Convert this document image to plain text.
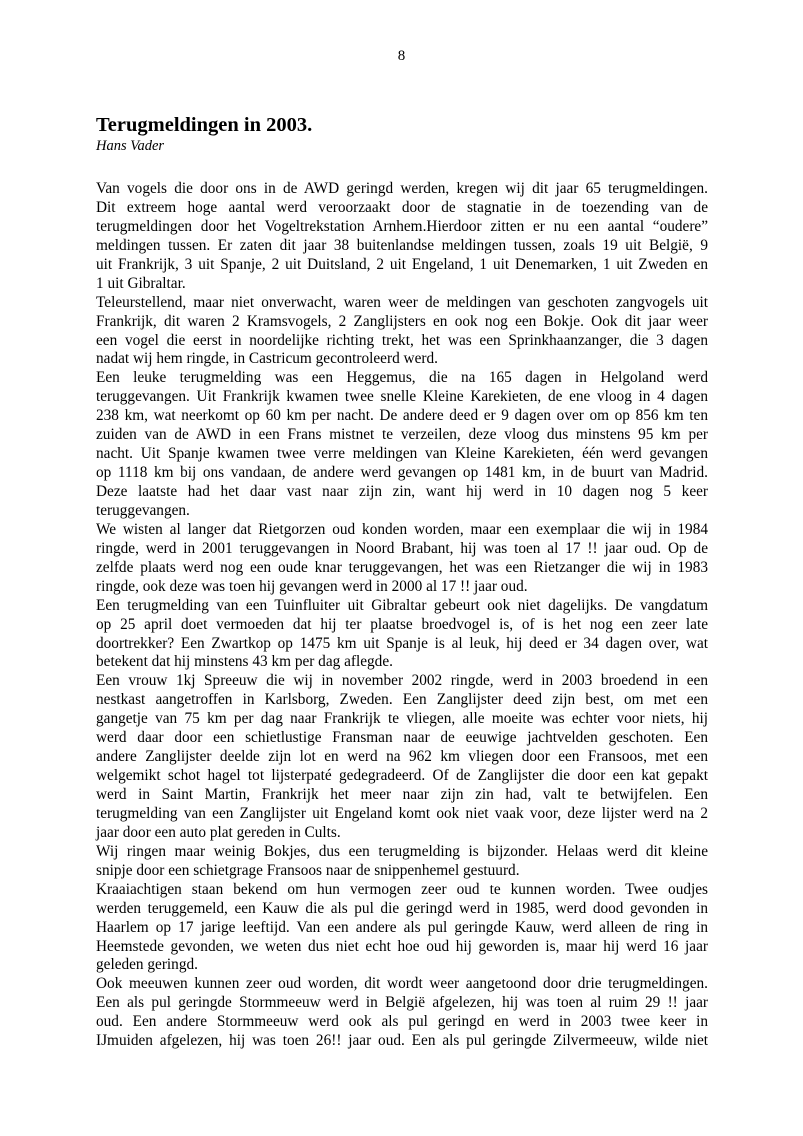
8
Terugmeldingen in 2003.

Hans Vader

Van vogels die door ons in de AWD geringd werden, kregen wij dit jaar 65 terugmeldingen.
Dit extreem hoge aantal werd veroorzaakt door de stagnatie in de toezending van de
terugmeldingen door het Vogeltrekstation Arnhem.Hierdoor zitten er nu een aantal “oudere”
meldingen tussen. Er zaten dit jaar 38 buitenlandse meldingen tussen, zoals 19 uit België, 9
uit Frankrijk, 3 uit Spanje, 2 uit Duitsland, 2 uit Engeland, 1 uit Denemarken, 1 uit Zweden en
1 uit Gibraltar.
Teleurstellend, maar niet onverwacht, waren weer de meldingen van geschoten zangvogels uit
Frankrijk, dit waren 2 Kramsvogels, 2 Zanglijsters en ook nog een Bokje. Ook dit jaar weer
een vogel die eerst in noordelijke richting trekt, het was een Sprinkhaanzanger, die 3 dagen
nadat wij hem ringde, in Castricum gecontroleerd werd.
Een leuke terugmelding was een Heggemus, die na 165 dagen in Helgoland werd
teruggevangen. Uit Frankrijk kwamen twee snelle Kleine Karekieten, de ene vloog in 4 dagen
238 km, wat neerkomt op 60 km per nacht. De andere deed er 9 dagen over om op 856 km ten
zuiden van de AWD in een Frans mistnet te verzeilen, deze vloog dus minstens 95 km per
nacht. Uit Spanje kwamen twee verre meldingen van Kleine Karekieten, één werd gevangen
op 1118 km bij ons vandaan, de andere werd gevangen op 1481 km, in de buurt van Madrid.
Deze laatste had het daar vast naar zijn zin, want hij werd in 10 dagen nog 5 keer
teruggevangen.
We wisten al langer dat Rietgorzen oud konden worden, maar een exemplaar die wij in 1984
ringde, werd in 2001 teruggevangen in Noord Brabant, hij was toen al 17 !! jaar oud. Op de
zelfde plaats werd nog een oude knar teruggevangen, het was een Rietzanger die wij in 1983
ringde, ook deze was toen hij gevangen werd in 2000 al 17 !! jaar oud.
Een terugmelding van een Tuinfluiter uit Gibraltar gebeurt ook niet dagelijks. De vangdatum
op 25 april doet vermoeden dat hij ter plaatse broedvogel is, of is het nog een zeer late
doortrekker? Een Zwartkop op 1475 km uit Spanje is al leuk, hij deed er 34 dagen over, wat
betekent dat hij minstens 43 km per dag aflegde.
Een vrouw 1kj Spreeuw die wij in november 2002 ringde, werd in 2003 broedend in een
nestkast aangetroffen in Karlsborg, Zweden. Een Zanglijster deed zijn best, om met een
gangetje van 75 km per dag naar Frankrijk te vliegen, alle moeite was echter voor niets, hij
werd daar door een schietlustige Fransman naar de eeuwige jachtvelden geschoten. Een
andere Zanglijster deelde zijn lot en werd na 962 km vliegen door een Fransoos, met een
welgemikt schot hagel tot lijsterpaté gedegradeerd. Of de Zanglijster die door een kat gepakt
werd in Saint Martin, Frankrijk het meer naar zijn zin had, valt te betwijfelen. Een
terugmelding van een Zanglijster uit Engeland komt ook niet vaak voor, deze lijster werd na 2
jaar door een auto plat gereden in Cults.
Wij ringen maar weinig Bokjes, dus een terugmelding is bijzonder. Helaas werd dit kleine
snipje door een schietgrage Fransoos naar de snippenhemel gestuurd.
Kraaiachtigen staan bekend om hun vermogen zeer oud te kunnen worden. Twee oudjes
werden teruggemeld, een Kauw die als pul die geringd werd in 1985, werd dood gevonden in
Haarlem op 17 jarige leeftijd. Van een andere als pul geringde Kauw, werd alleen de ring in
Heemstede gevonden, we weten dus niet echt hoe oud hij geworden is, maar hij werd 16 jaar
geleden geringd.
Ook meeuwen kunnen zeer oud worden, dit wordt weer aangetoond door drie terugmeldingen.
Een als pul geringde Stormmeeuw werd in België afgelezen, hij was toen al ruim 29 !! jaar
oud. Een andere Stormmeeuw werd ook als pul geringd en werd in 2003 twee keer in
IJmuiden afgelezen, hij was toen 26!! jaar oud. Een als pul geringde Zilvermeeuw, wilde niet
